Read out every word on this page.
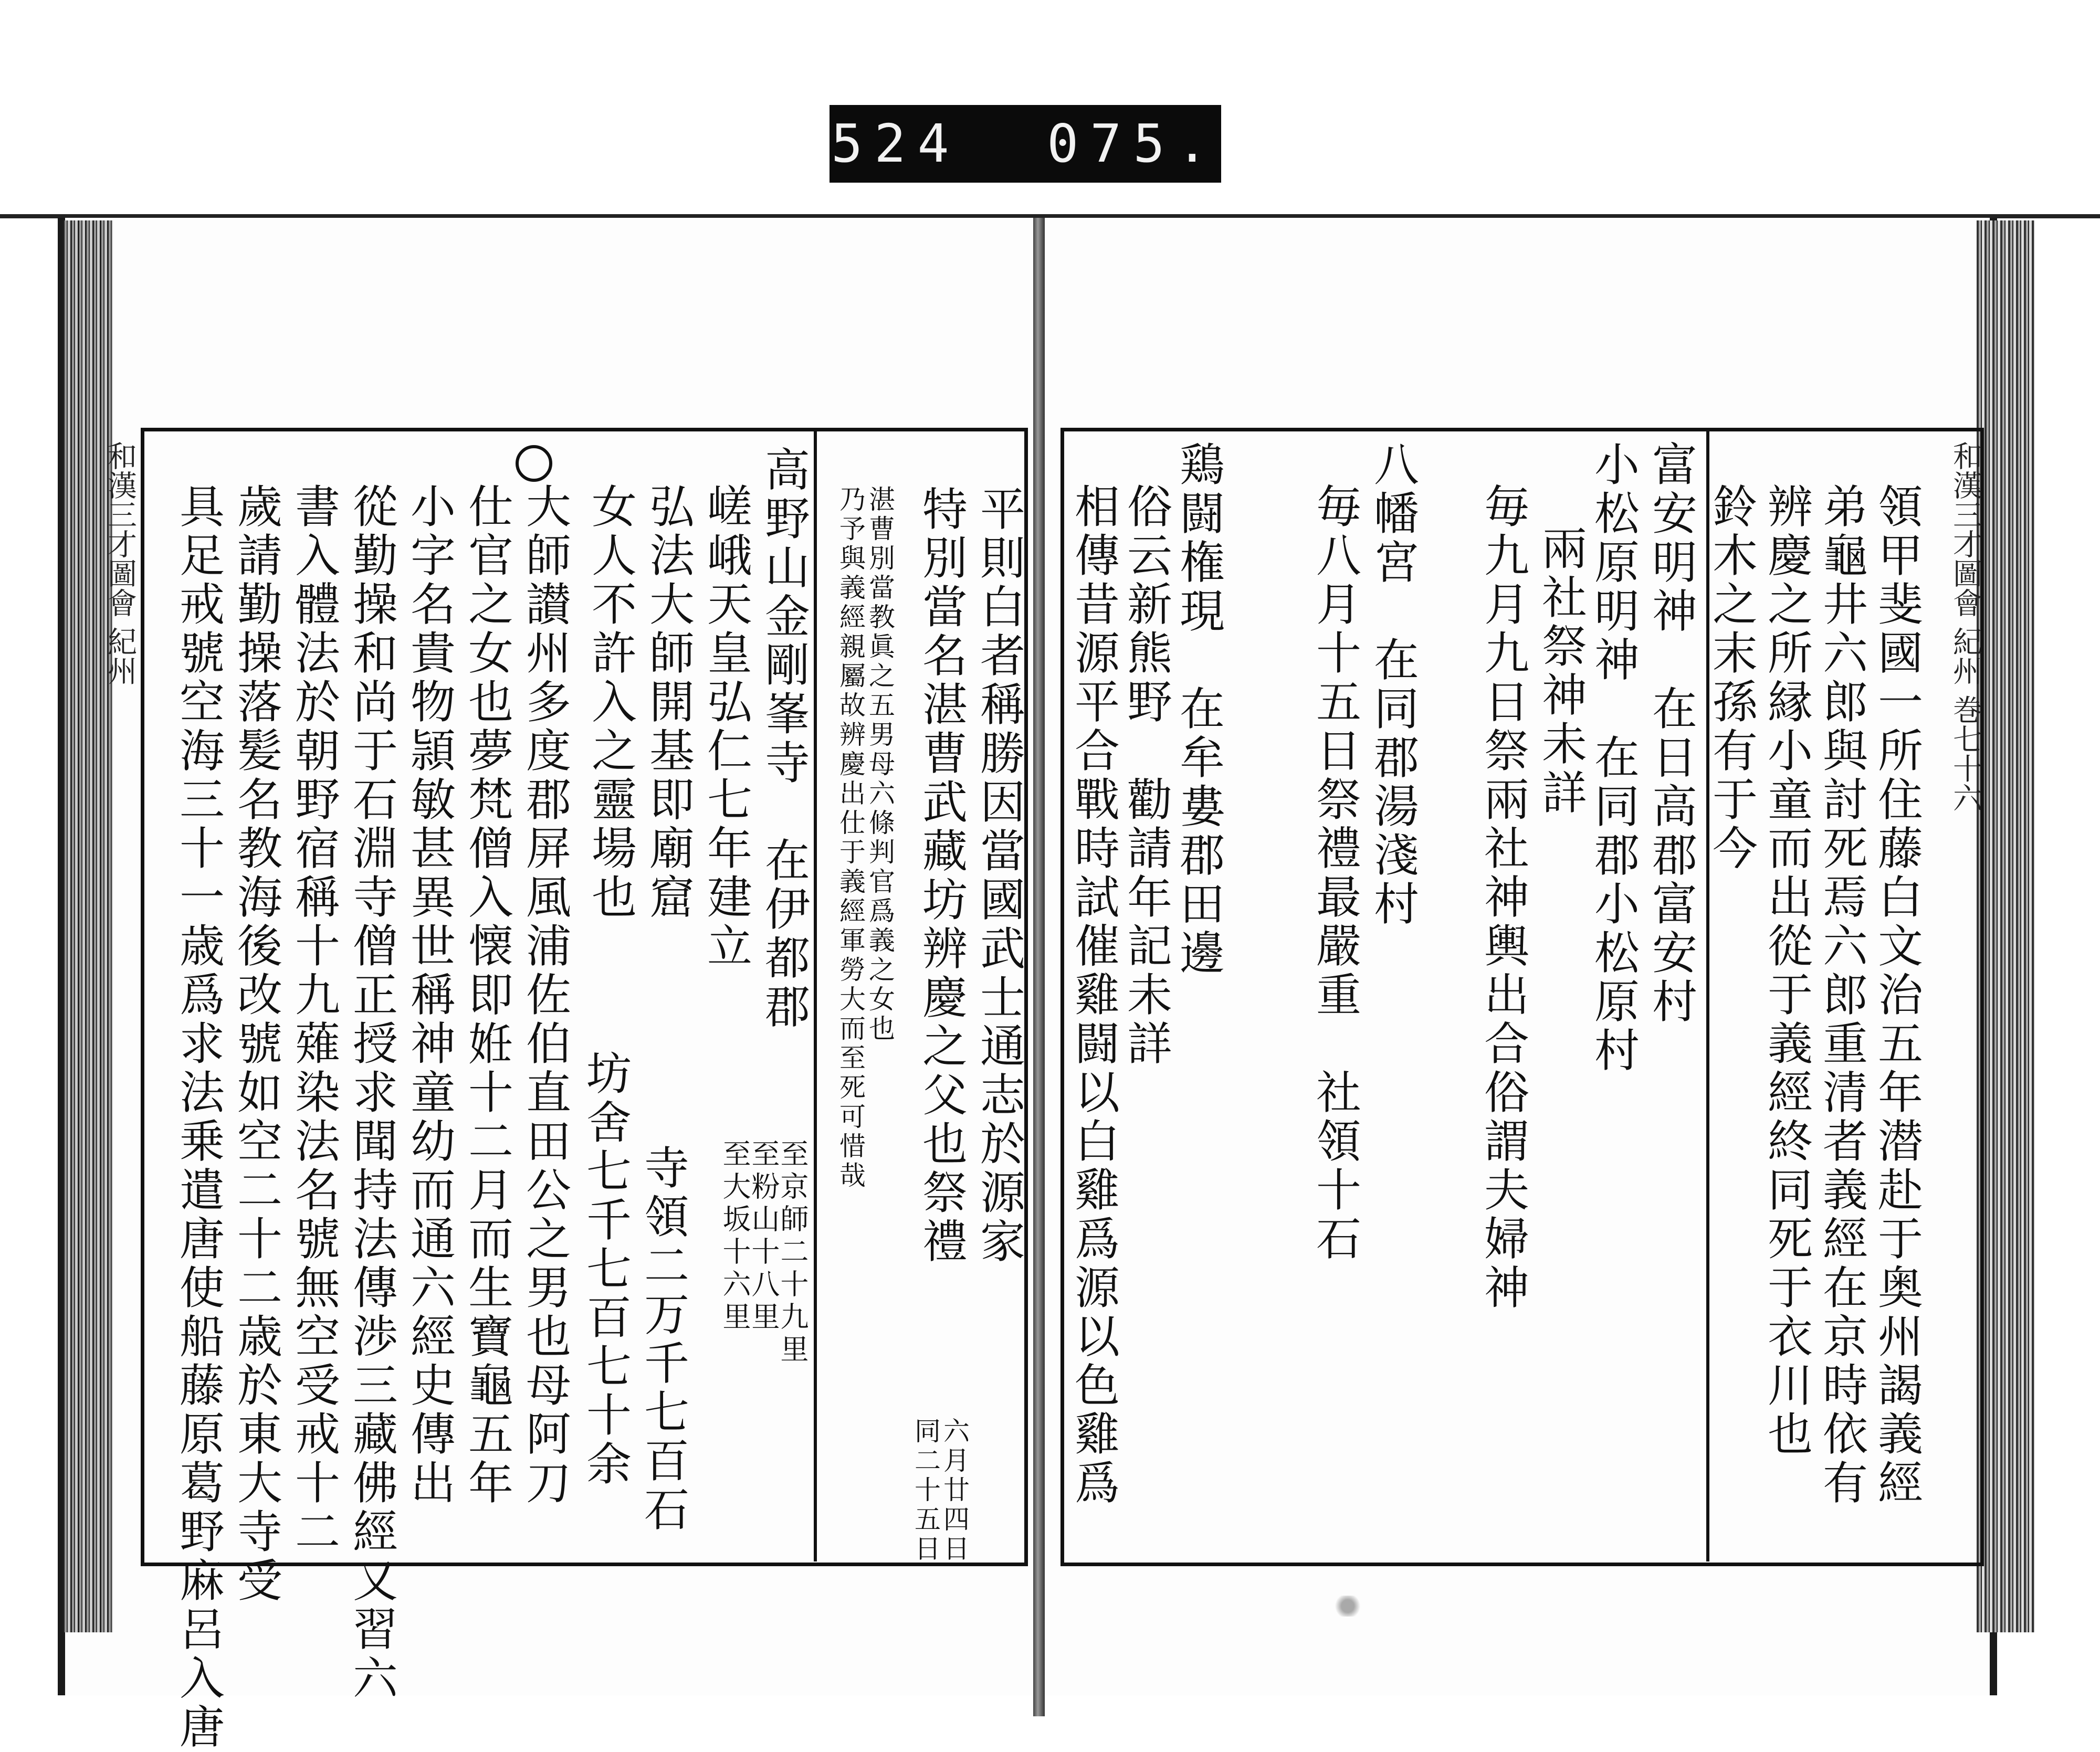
524  075.
和漢三才圖會 紀州	和漢三才圖會 紀州 巻七十六
平則白者稱勝因當國武士通志於源家
特別當名湛曹武藏坊辨慶之父也祭禮
湛曹別當教眞之五男母六條判官爲義之女也
乃予與義經親屬故辨慶出仕于義經軍勞大而至死可惜哉
六月廿四日
同二十五日
高野山金剛峯寺　在伊都郡
嵯峨天皇弘仁七年建立
弘法大師開基即廟窟
女人不許入之靈場也
至京師二十九里
至粉山十八里
至大坂十六里
寺領二万千七百石
坊舍七千七百七十余
大師讃州多度郡屏風浦佐伯直田公之男也母阿刀
仕官之女也夢梵僧入懐即姙十二月而生寶龜五年
小字名貴物頴敏甚異世稱神童幼而通六經史傳出
從勤操和尚于石淵寺僧正授求聞持法傳渉三藏佛經又習六
書入體法於朝野宿稱十九薙染法名號無空受戒十二
歲請勤操落髪名教海後改號如空二十二歳於東大寺受
具足戒號空海三十一歳爲求法乗遣唐使船藤原葛野麻呂入唐	領甲斐國一所住藤白文治五年潜赴于奥州謁義經
弟龜井六郎與討死焉六郎重清者義經在京時依有
辨慶之所縁小童而出從于義經終同死于衣川也
鈴木之末孫有于今
富安明神　在日高郡富安村
小松原明神　在同郡小松原村
兩社祭神未詳
毎九月九日祭兩社神輿出合俗謂夫婦神
八幡宮　在同郡湯淺村
毎八月十五日祭禮最嚴重　社領十石
鶏闘権現　在牟婁郡田邊
俗云新熊野　勸請年記未詳
相傳昔源平合戰時試催雞闘以白雞爲源以色雞爲
